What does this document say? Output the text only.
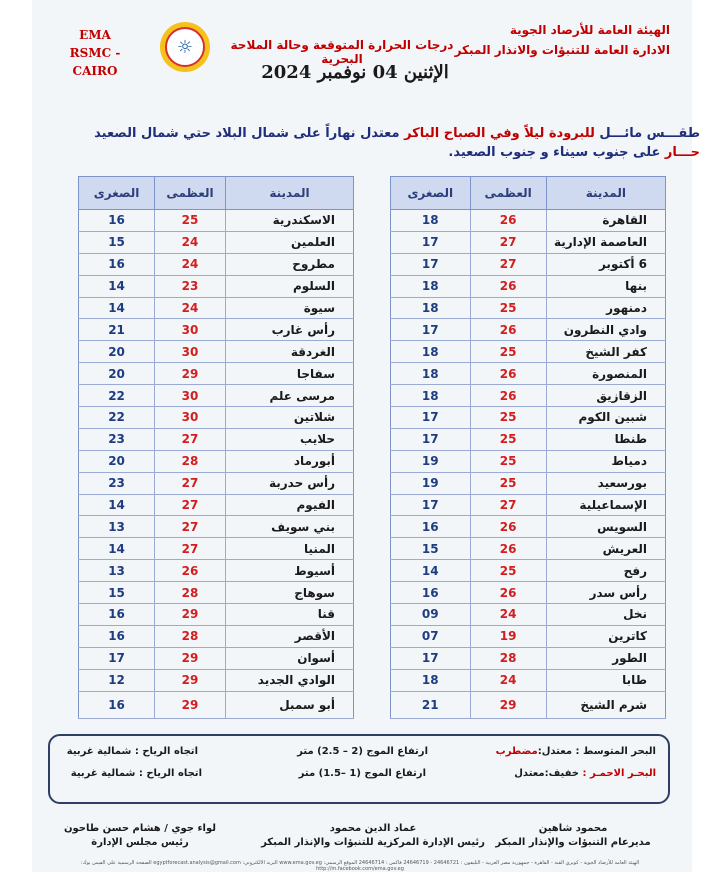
EMA
RSMC - CAIRO
☼
الهيئة العامة للأرصاد الجوية
الادارة العامة للتنبؤات والانذار المبكر
درجات الحرارة المتوقعة وحالة الملاحة البحرية
الإثنين 04 نوفمبر 2024
طقـــس مائـــل للبرودة ليلاً وفي الصباح الباكر معتدل نهاراً على شمال البلاد حتي شمال الصعيد
حـــار على جنوب سيناء و جنوب الصعيد.
المدينة	العظمى	الصغرى
القاهرة	26	18
العاصمة الإدارية	27	17
6 أكتوبر	27	17
بنها	26	18
دمنهور	25	18
وادي النطرون	26	17
كفر الشيخ	25	18
المنصورة	26	18
الزقازيق	26	18
شبين الكوم	25	17
طنطا	25	17
دمياط	25	19
بورسعيد	25	19
الإسماعيلية	27	17
السويس	26	16
العريش	26	15
رفح	25	14
رأس سدر	26	16
نخل	24	09
كاترين	19	07
الطور	28	17
طابا	24	18
شرم الشيخ	29	21
المدينة	العظمى	الصغرى
الاسكندرية	25	16
العلمين	24	15
مطروح	24	16
السلوم	23	14
سيوة	24	14
رأس غارب	30	21
الغردقة	30	20
سفاجا	29	20
مرسى علم	30	22
شلاتين	30	22
حلايب	27	23
أبورماد	28	20
رأس حدربة	27	23
الفيوم	27	14
بني سويف	27	13
المنيا	27	14
أسيوط	26	13
سوهاج	28	15
قنا	29	16
الأقصر	28	16
أسوان	29	17
الوادي الجديد	29	12
أبو سمبل	29	16
البحر المتوسط : معتدل:مضطرب
ارتفاع الموج (2 – 2.5) متر
اتجاه الرياح : شمالية غربية
البحـر الاحمـر : خفيف:معتدل
ارتفاع الموج (1 –1.5) متر
اتجاه الرياح : شمالية غربية
محمود شاهين
مديرعام التنبؤات والإنذار المبكر
عماد الدين محمود
رئيس الإدارة المركزية للتنبؤات والإنذار المبكر
لواء جوي / هشام حسن طاحون
رئيس مجلس الإدارة
الهيئة العامة للأرصاد الجوية - كوبري القبة - القاهرة - جمهورية مصر العربية - التليفون : 24646721 - 24646719 فاكس : 24646714 الموقع الرسمي: www.ema.gov.eg البريد الالكتروني: egyptforecast.analysis@gmail.com الصفحة الرسمية على الفيس بوك: http://m.facebook.com/ema.gov.eg
